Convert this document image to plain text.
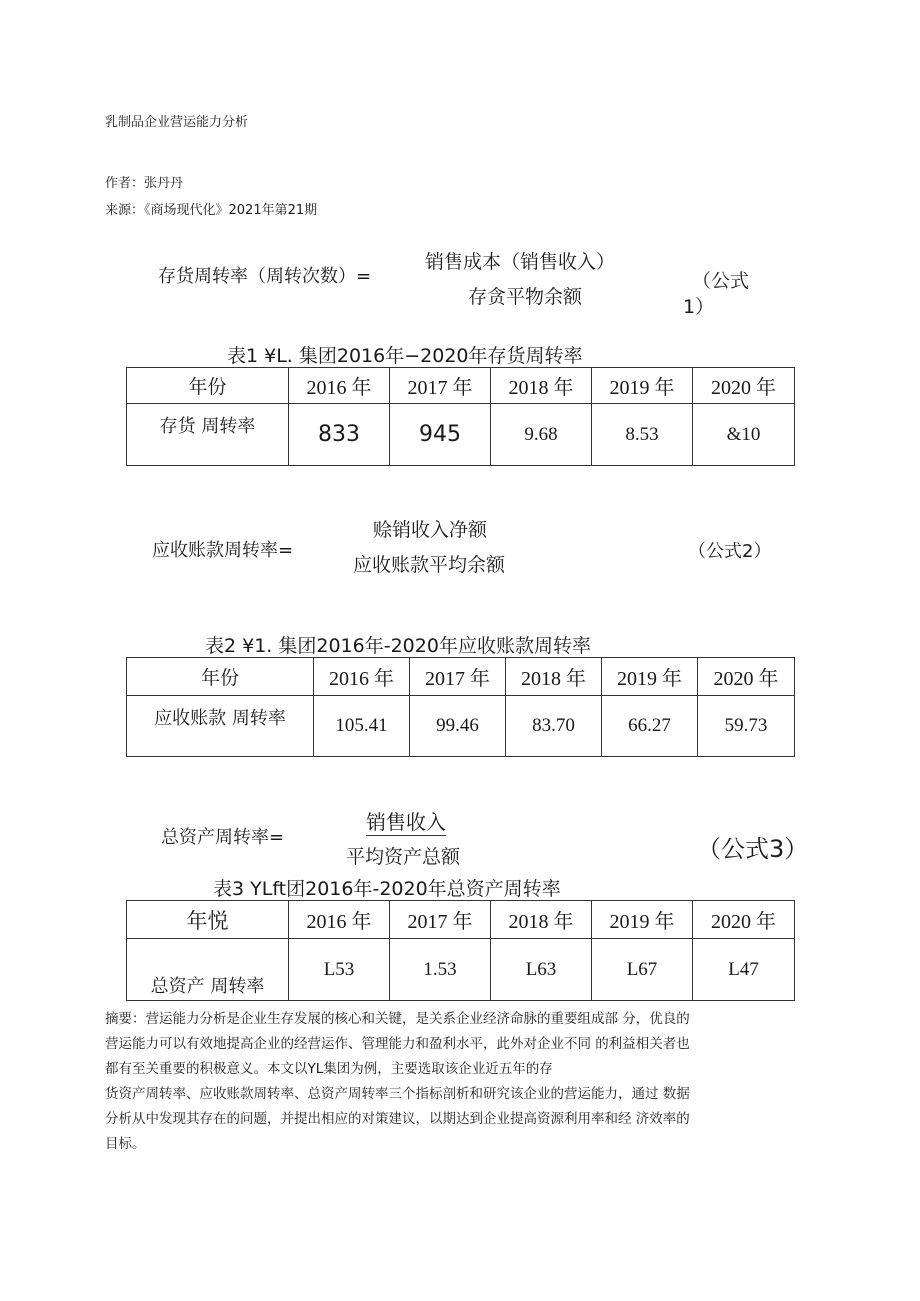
乳制品企业营运能力分析
作者：张丹丹
来源：《商场现代化》2021年第21期
存货周转率（周转次数）=
销售成本（销售收入）
存贪平物余额
（公式
1）
表1 ¥L. 集团2016年−2020年存货周转率
年份	2016 年	2017 年	2018 年	2019 年	2020 年
存货 周转率	833	945	9.68	8.53	&10
应收账款周转率=
赊销收入净额
应收账款平均余额
（公式2）
表2 ¥1. 集团2016年-2020年应收账款周转率
年份	2016 年	2017 年	2018 年	2019 年	2020 年
应收账款 周转率	105.41	99.46	83.70	66.27	59.73
总资产周转率=
销售收入
平均资产总额	（公式3）
表3 YLft团2016年-2020年总资产周转率
年悦	2016 年	2017 年	2018 年	2019 年	2020 年
总资产 周转率	L53	1.53	L63	L67	L47
摘要：营运能力分析是企业生存发展的核心和关键，是关系企业经济命脉的重要组成部 分，优良的
营运能力可以有效地提高企业的经营运作、管理能力和盈利水平，此外对企业不同 的利益相关者也
都有至关重要的积极意义。本文以YL集团为例，主要选取该企业近五年的存
货资产周转率、应收账款周转率、总资产周转率三个指标剖析和研究该企业的营运能力，通过 数据
分析从中发现其存在的问题，并提出相应的对策建议，以期达到企业提高资源利用率和经 济效率的
目标。
